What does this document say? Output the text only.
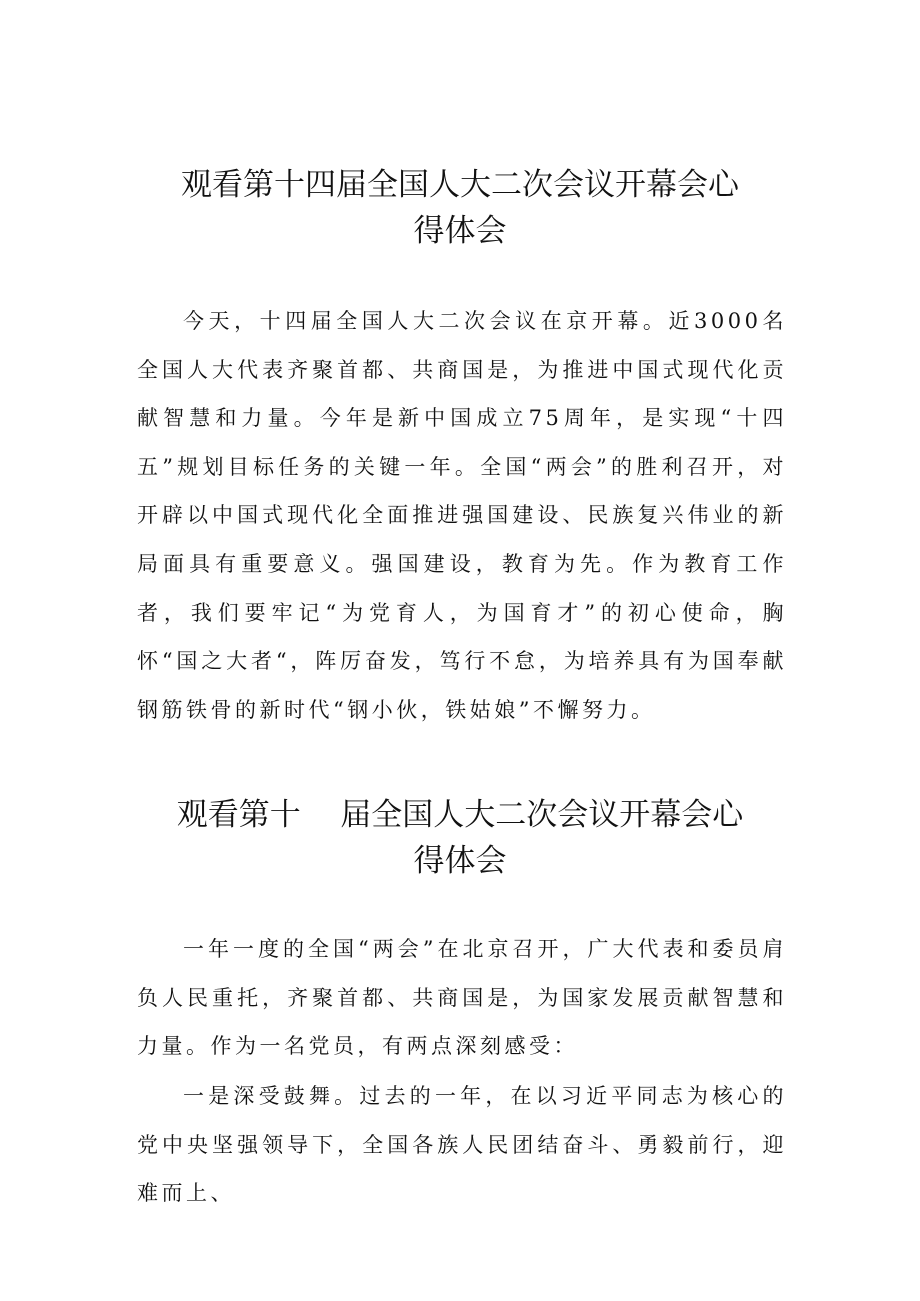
观看第十四届全国人大二次会议开幕会心
得体会

今天，十四届全国人大二次会议在京开幕。近3000名全国人大代表齐聚首都、共商国是，为推进中国式现代化贡献智慧和力量。今年是新中国成立75周年，是实现“十四五”规划目标任务的关键一年。全国“两会”的胜利召开，对开辟以中国式现代化全面推进强国建设、民族复兴伟业的新局面具有重要意义。强国建设，教育为先。作为教育工作者，我们要牢记“为党育人，为国育才”的初心使命，胸怀“国之大者“，阵厉奋发，笃行不怠，为培养具有为国奉献钢筋铁骨的新时代“钢小伙，铁姑娘”不懈努力。

观看第十    届全国人大二次会议开幕会心
得体会

一年一度的全国“两会”在北京召开，广大代表和委员肩负人民重托，齐聚首都、共商国是，为国家发展贡献智慧和力量。作为一名党员，有两点深刻感受：

一是深受鼓舞。过去的一年，在以习近平同志为核心的党中央坚强领导下，全国各族人民团结奋斗、勇毅前行，迎难而上、
